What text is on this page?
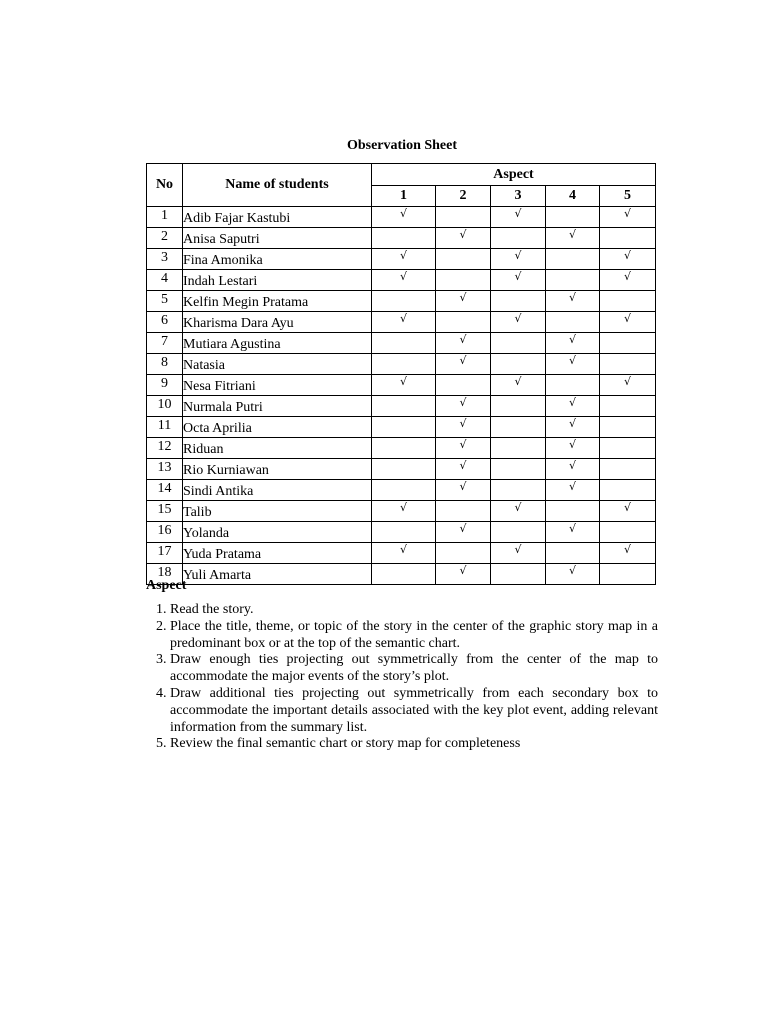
Observation Sheet
No	Name of students	Aspect				
		1	2	3	4	5
1	Adib Fajar Kastubi	√		√		√
2	Anisa Saputri		√		√	
3	Fina Amonika	√		√		√
4	Indah Lestari	√		√		√
5	Kelfin Megin Pratama		√		√	
6	Kharisma Dara Ayu	√		√		√
7	Mutiara Agustina		√		√	
8	Natasia		√		√	
9	Nesa Fitriani	√		√		√
10	Nurmala Putri		√		√	
11	Octa Aprilia		√		√	
12	Riduan		√		√	
13	Rio Kurniawan		√		√	
14	Sindi Antika		√		√	
15	Talib	√		√		√
16	Yolanda		√		√	
17	Yuda Pratama	√		√		√
18	Yuli Amarta		√		√	
Aspect
1. Read the story.
2. Place the title, theme, or topic of the story in the center of the graphic story map in a predominant box or at the top of the semantic chart.
3. Draw enough ties projecting out symmetrically from the center of the map to accommodate the major events of the story’s plot.
4. Draw additional ties projecting out symmetrically from each secondary box to accommodate the important details associated with the key plot event, adding relevant information from the summary list.
5. Review the final semantic chart or story map for completeness
